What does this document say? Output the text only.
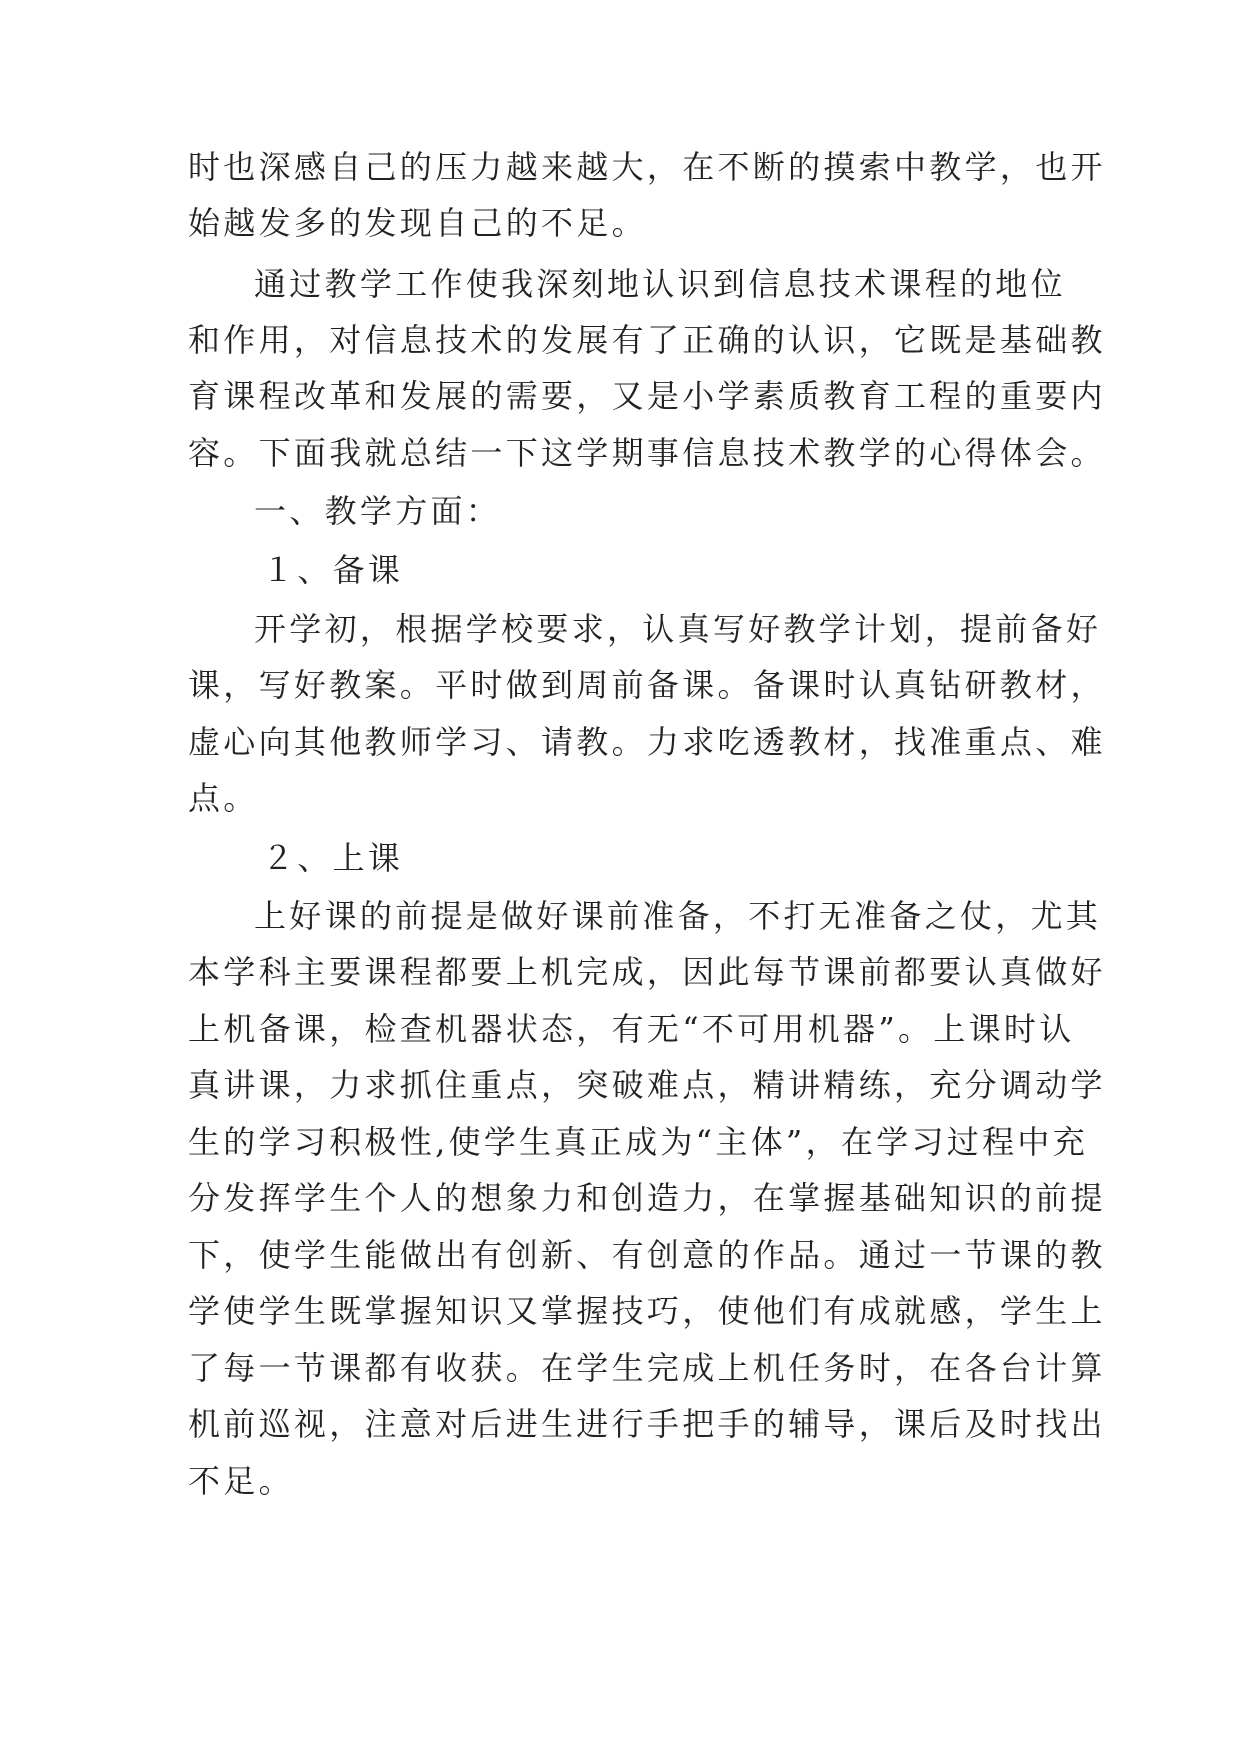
时也深感自己的压力越来越大，在不断的摸索中教学，也开
始越发多的发现自己的不足。
通过教学工作使我深刻地认识到信息技术课程的地位
和作用，对信息技术的发展有了正确的认识，它既是基础教
育课程改革和发展的需要，又是小学素质教育工程的重要内
容。下面我就总结一下这学期事信息技术教学的心得体会。
一、教学方面：
１、备课
开学初，根据学校要求，认真写好教学计划，提前备好
课，写好教案。平时做到周前备课。备课时认真钻研教材，
虚心向其他教师学习、请教。力求吃透教材，找准重点、难
点。
２、上课
上好课的前提是做好课前准备，不打无准备之仗，尤其
本学科主要课程都要上机完成，因此每节课前都要认真做好
上机备课，检查机器状态，有无“不可用机器”。上课时认
真讲课，力求抓住重点，突破难点，精讲精练，充分调动学
生的学习积极性,使学生真正成为“主体”，在学习过程中充
分发挥学生个人的想象力和创造力，在掌握基础知识的前提
下，使学生能做出有创新、有创意的作品。通过一节课的教
学使学生既掌握知识又掌握技巧，使他们有成就感，学生上
了每一节课都有收获。在学生完成上机任务时，在各台计算
机前巡视，注意对后进生进行手把手的辅导，课后及时找出
不足。
